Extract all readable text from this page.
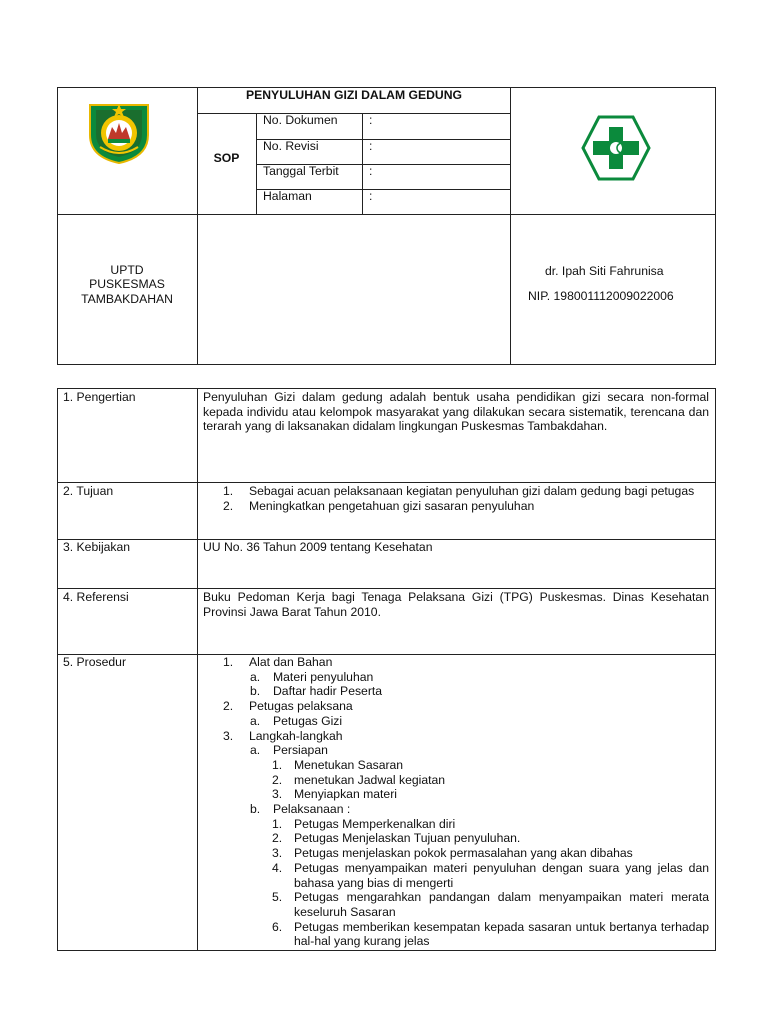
PENYULUHAN GIZI DALAM GEDUNG
SOP
No. Dokumen	:
No. Revisi	:
Tanggal Terbit :
Halaman	:
UPTD
PUSKESMAS
TAMBAKDAHAN
dr. Ipah Siti Fahrunisa
NIP. 198001112009022006
1. Pengertian	Penyuluhan Gizi dalam gedung adalah bentuk usaha pendidikan gizi secara non-formal kepada individu atau kelompok masyarakat yang dilakukan secara sistematik, terencana dan terarah yang di laksanakan didalam lingkungan Puskesmas Tambakdahan.
2. Tujuan	1. Sebagai acuan pelaksanaan kegiatan penyuluhan gizi dalam gedung bagi petugas
2. Meningkatkan pengetahuan gizi sasaran penyuluhan
3. Kebijakan	UU No. 36 Tahun 2009 tentang Kesehatan
4. Referensi	Buku Pedoman Kerja bagi Tenaga Pelaksana Gizi (TPG) Puskesmas. Dinas Kesehatan Provinsi Jawa Barat Tahun 2010.
5. Prosedur	1. Alat dan Bahan
a. Materi penyuluhan
b. Daftar hadir Peserta
2. Petugas pelaksana
a. Petugas Gizi
3. Langkah-langkah
a. Persiapan
1. Menetukan Sasaran
2. menetukan Jadwal kegiatan
3. Menyiapkan materi
b. Pelaksanaan :
1. Petugas Memperkenalkan diri
2. Petugas Menjelaskan Tujuan penyuluhan.
3. Petugas menjelaskan pokok permasalahan yang akan dibahas
4. Petugas menyampaikan materi penyuluhan dengan suara yang jelas dan bahasa yang bias di mengerti
5. Petugas mengarahkan pandangan dalam menyampaikan materi merata keseluruh Sasaran
6. Petugas memberikan kesempatan kepada sasaran untuk bertanya terhadap hal-hal yang kurang jelas
